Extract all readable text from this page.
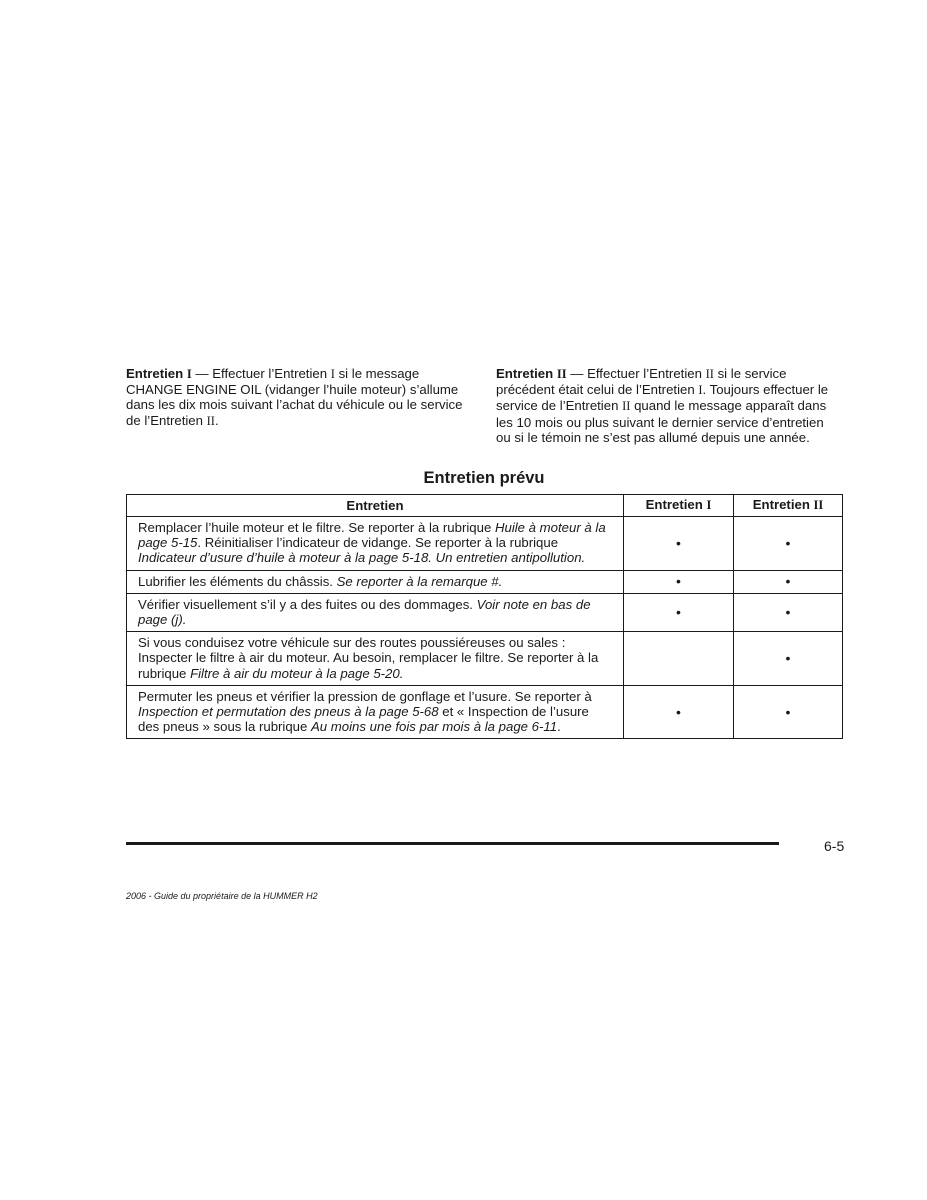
Entretien I — Effectuer l’Entretien I si le message CHANGE ENGINE OIL (vidanger l’huile moteur) s’allume dans les dix mois suivant l’achat du véhicule ou le service de l’Entretien II.
Entretien II — Effectuer l’Entretien II si le service précédent était celui de l’Entretien I. Toujours effectuer le service de l’Entretien II quand le message apparaît dans les 10 mois ou plus suivant le dernier service d’entretien ou si le témoin ne s’est pas allumé depuis une année.
Entretien prévu
Entretien	Entretien I	Entretien II
Remplacer l’huile moteur et le filtre. Se reporter à la rubrique Huile à moteur à la page 5-15. Réinitialiser l’indicateur de vidange. Se reporter à la rubrique Indicateur d’usure d’huile à moteur à la page 5-18. Un entretien antipollution.	•	•
Lubrifier les éléments du châssis. Se reporter à la remarque #.	•	•
Vérifier visuellement s’il y a des fuites ou des dommages. Voir note en bas de page (j).	•	•
Si vous conduisez votre véhicule sur des routes poussiéreuses ou sales : Inspecter le filtre à air du moteur. Au besoin, remplacer le filtre. Se reporter à la rubrique Filtre à air du moteur à la page 5-20.		•
Permuter les pneus et vérifier la pression de gonflage et l’usure. Se reporter à Inspection et permutation des pneus à la page 5-68 et « Inspection de l’usure des pneus » sous la rubrique Au moins une fois par mois à la page 6-11.	•	•
6-5
2006 - Guide du propriétaire de la HUMMER H2
